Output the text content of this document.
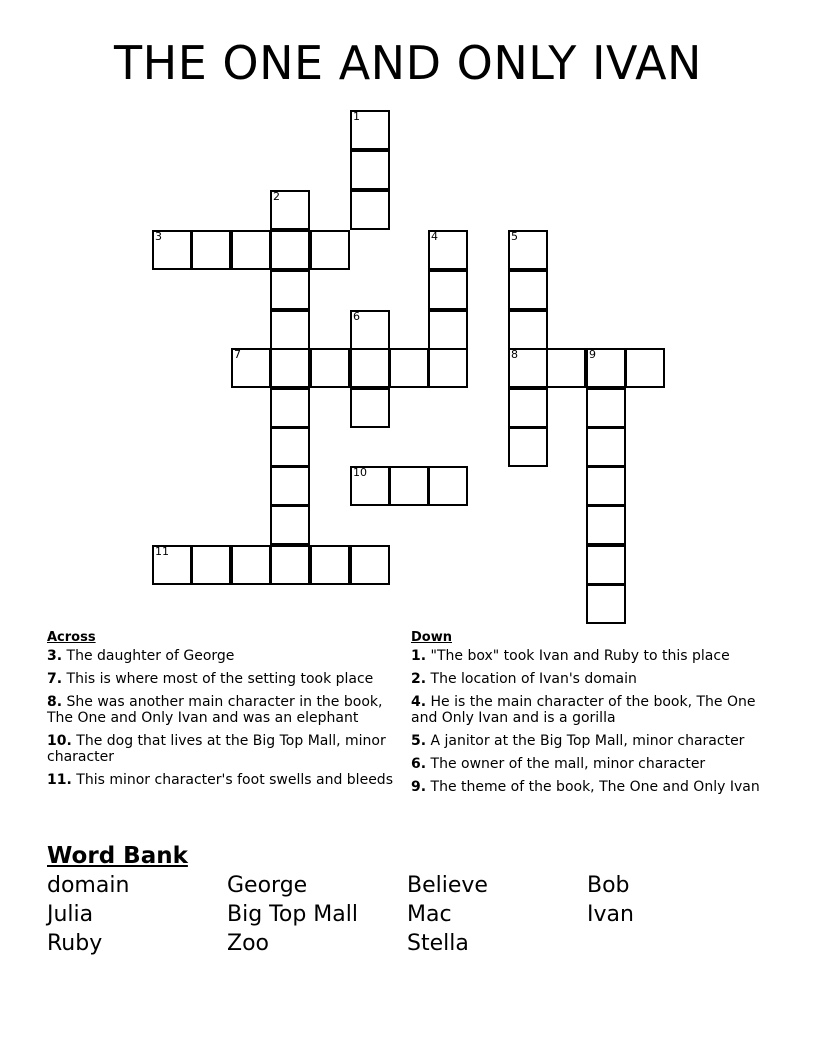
THE ONE AND ONLY IVAN
1
2
3	4	5
6
7	8	9
10
11
Across
3. The daughter of George
7. This is where most of the setting took place
8. She was another main character in the book, The One and Only Ivan and was an elephant
10. The dog that lives at the Big Top Mall, minor character
11. This minor character's foot swells and bleeds
Down
1. "The box" took Ivan and Ruby to this place
2. The location of Ivan's domain
4. He is the main character of the book, The One and Only Ivan and is a gorilla
5. A janitor at the Big Top Mall, minor character
6. The owner of the mall, minor character
9. The theme of the book, The One and Only Ivan
Word Bank
domain	George	Believe	Bob
Julia	Big Top Mall	Mac	Ivan
Ruby	Zoo	Stella
